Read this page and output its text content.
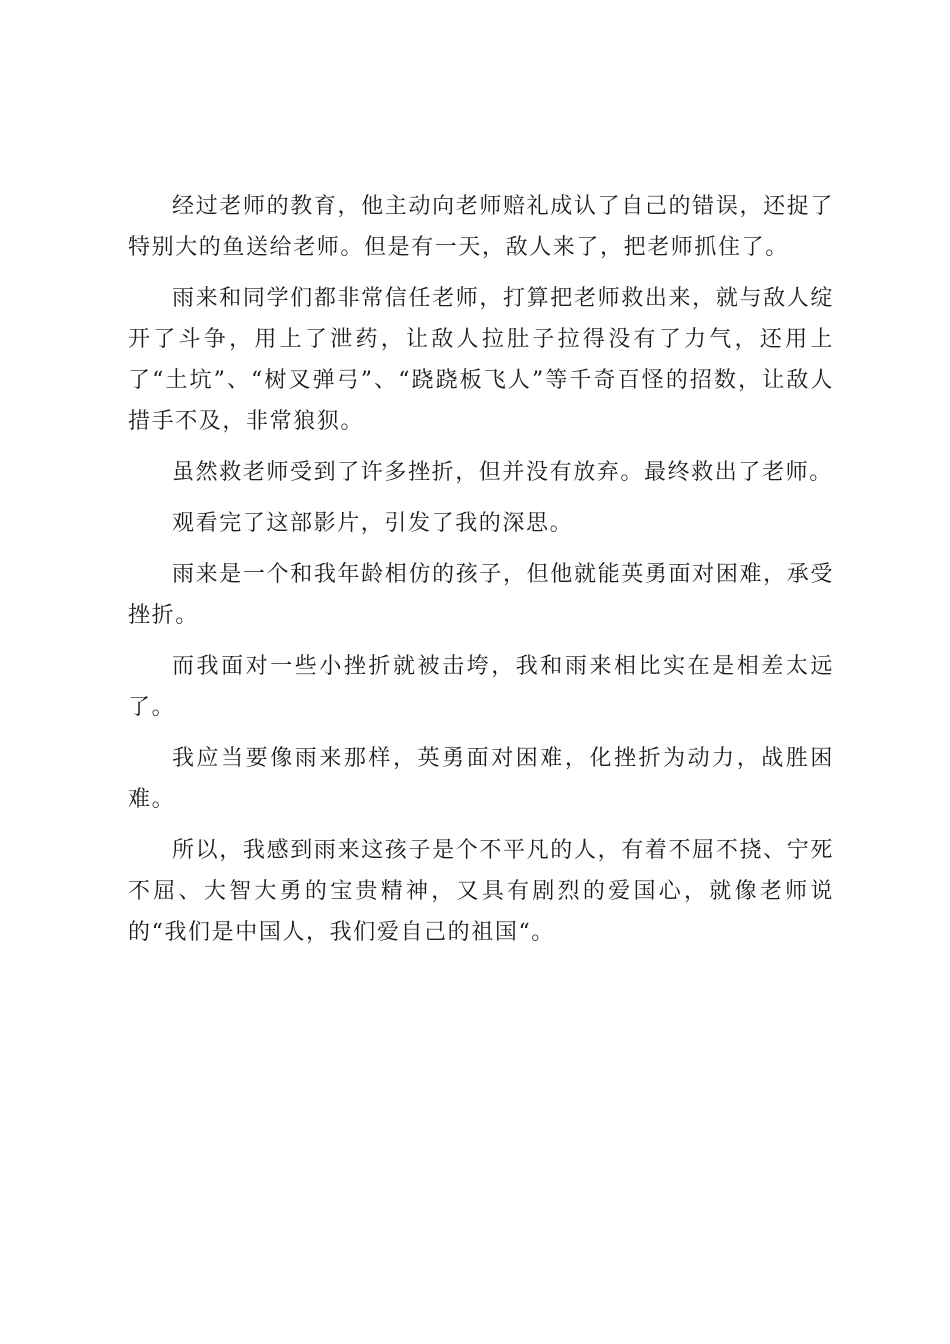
经过老师的教育，他主动向老师赔礼成认了自己的错误，还捉了特别大的鱼送给老师。但是有一天，敌人来了，把老师抓住了。

雨来和同学们都非常信任老师，打算把老师救出来，就与敌人绽开了斗争，用上了泄药，让敌人拉肚子拉得没有了力气，还用上了“土坑”、“树叉弹弓”、“跷跷板飞人”等千奇百怪的招数，让敌人措手不及，非常狼狈。

虽然救老师受到了许多挫折，但并没有放弃。最终救出了老师。

观看完了这部影片，引发了我的深思。

雨来是一个和我年龄相仿的孩子，但他就能英勇面对困难，承受挫折。

而我面对一些小挫折就被击垮，我和雨来相比实在是相差太远了。

我应当要像雨来那样，英勇面对困难，化挫折为动力，战胜困难。

所以，我感到雨来这孩子是个不平凡的人，有着不屈不挠、宁死不屈、大智大勇的宝贵精神，又具有剧烈的爱国心，就像老师说的“我们是中国人，我们爱自己的祖国“。
